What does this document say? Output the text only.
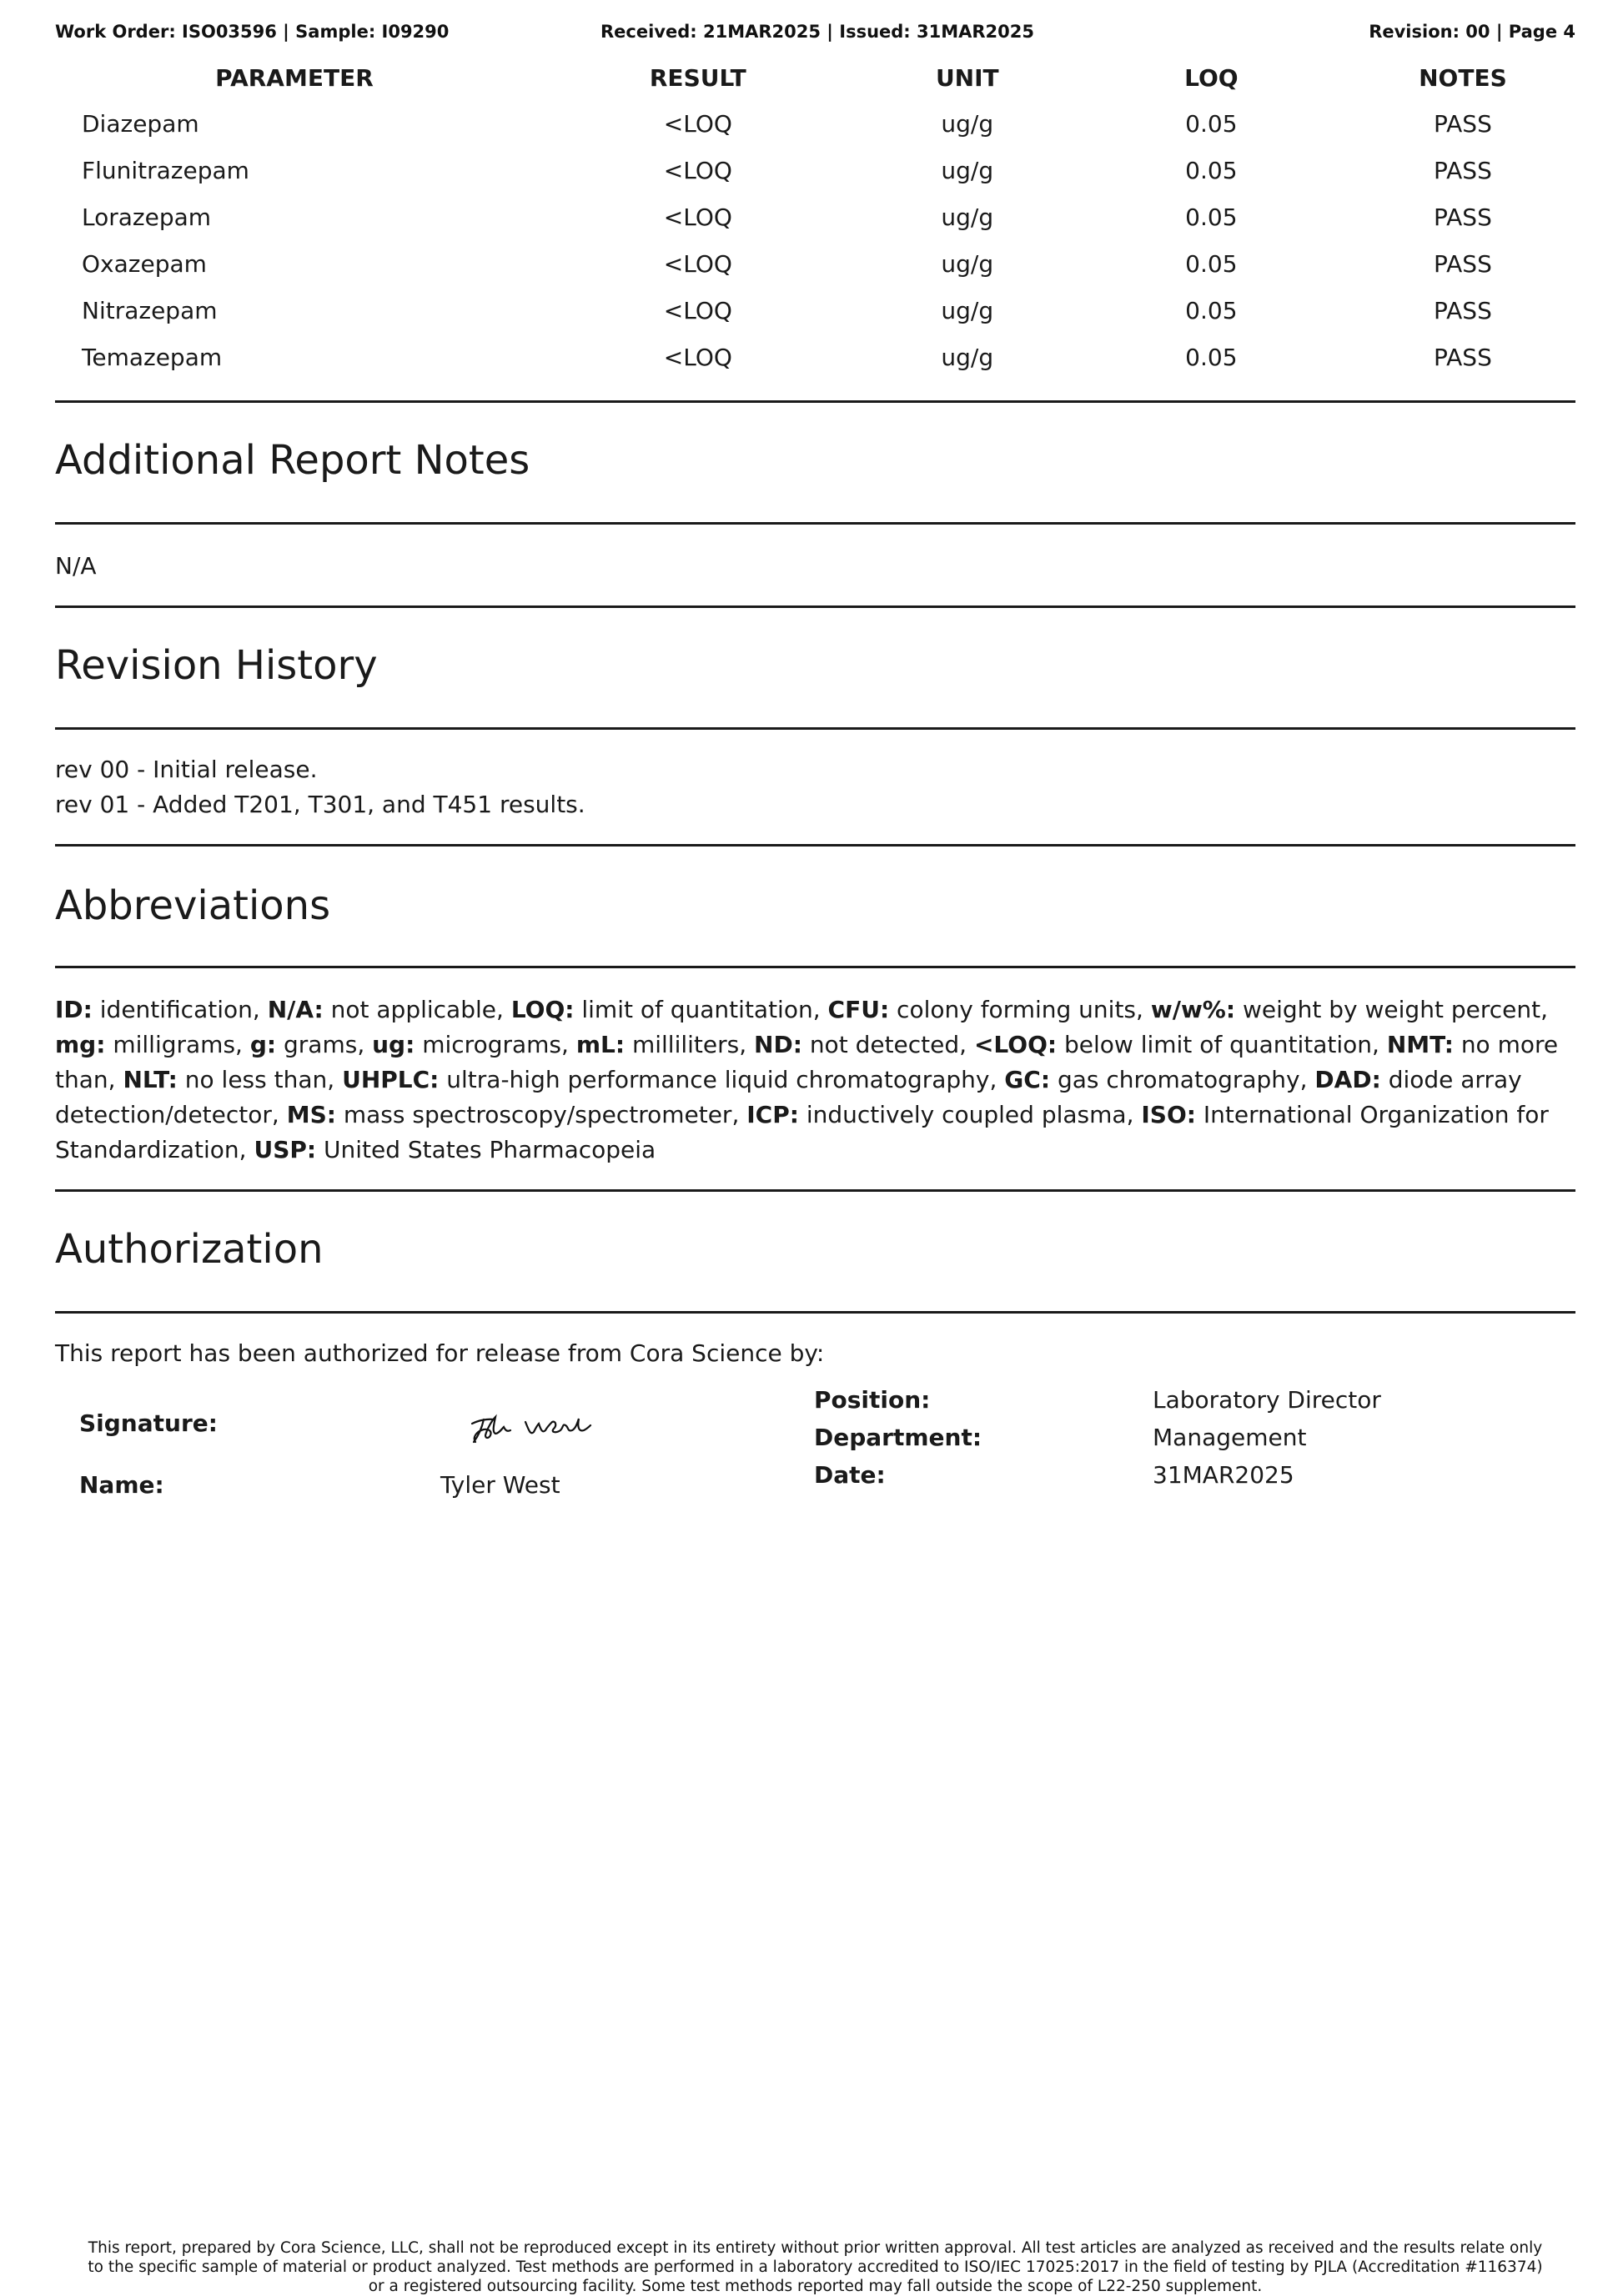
Work Order: ISO03596 | Sample: I09290	Received: 21MAR2025 | Issued: 31MAR2025	Revision: 00 | Page 4
PARAMETER	RESULT	UNIT	LOQ	NOTES
Diazepam	<LOQ	ug/g	0.05	PASS
Flunitrazepam	<LOQ	ug/g	0.05	PASS
Lorazepam	<LOQ	ug/g	0.05	PASS
Oxazepam	<LOQ	ug/g	0.05	PASS
Nitrazepam	<LOQ	ug/g	0.05	PASS
Temazepam	<LOQ	ug/g	0.05	PASS
Additional Report Notes
N/A
Revision History
rev 00 - Initial release.
rev 01 - Added T201, T301, and T451 results.
Abbreviations
ID: identification, N/A: not applicable, LOQ: limit of quantitation, CFU: colony forming units, w/w%: weight by weight percent, mg: milligrams, g: grams, ug: micrograms, mL: milliliters, ND: not detected, <LOQ: below limit of quantitation, NMT: no more than, NLT: no less than, UHPLC: ultra-high performance liquid chromatography, GC: gas chromatography, DAD: diode array detection/detector, MS: mass spectroscopy/spectrometer, ICP: inductively coupled plasma, ISO: International Organization for Standardization, USP: United States Pharmacopeia
Authorization
This report has been authorized for release from Cora Science by:
Signature:
Name:	Tyler West
Position:	Laboratory Director
Department:	Management
Date:	31MAR2025
This report, prepared by Cora Science, LLC, shall not be reproduced except in its entirety without prior written approval. All test articles are analyzed as received and the results relate only
to the specific sample of material or product analyzed. Test methods are performed in a laboratory accredited to ISO/IEC 17025:2017 in the field of testing by PJLA (Accreditation #116374)
or a registered outsourcing facility. Some test methods reported may fall outside the scope of L22-250 supplement.
